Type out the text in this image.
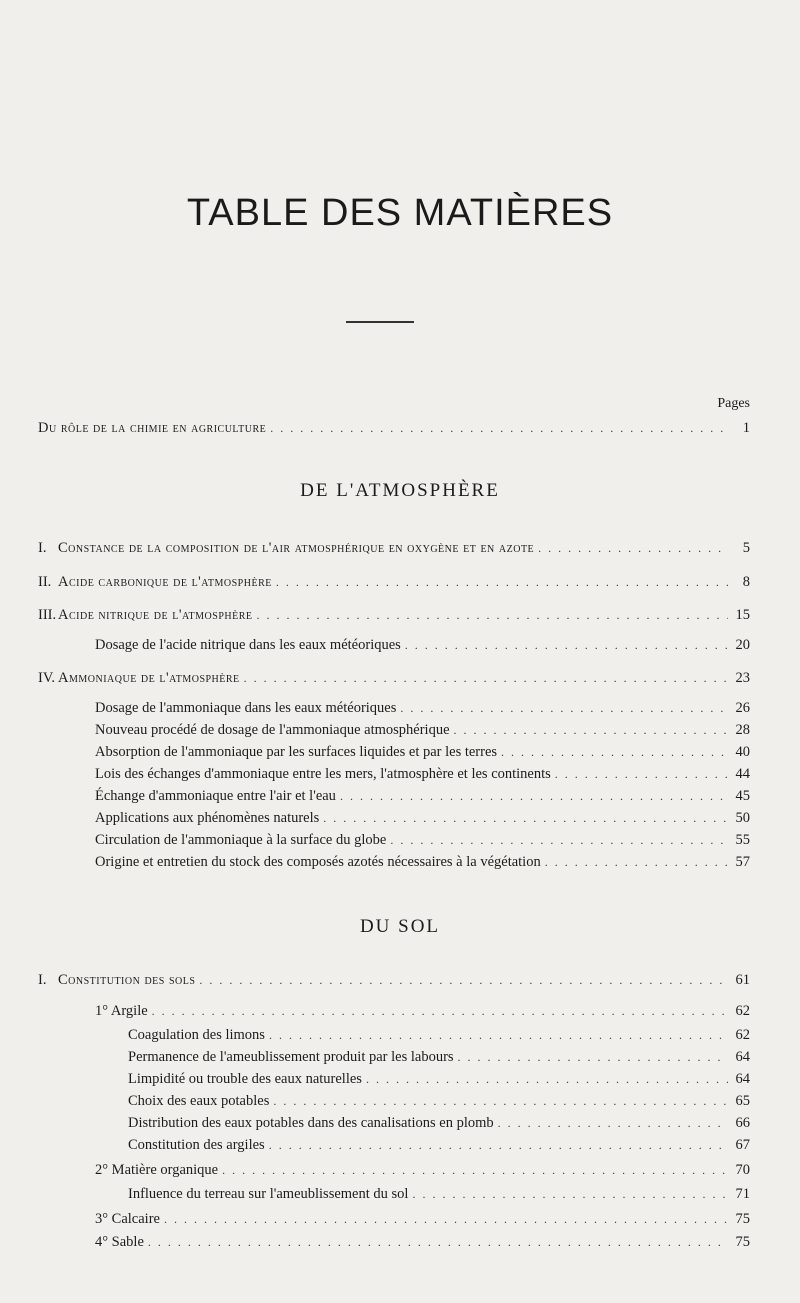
TABLE DES MATIÈRES
Pages
Du rôle de la chimie en agriculture . . .	1
DE L'ATMOSPHÈRE
I. Constance de la composition de l'air atmosphérique en oxygène et en azote . . .	5
II. Acide carbonique de l'atmosphère . . .	8
III. Acide nitrique de l'atmosphère . . .	15
Dosage de l'acide nitrique dans les eaux météoriques . . .	20
IV. Ammoniaque de l'atmosphère . . .	23
Dosage de l'ammoniaque dans les eaux météoriques . . .	26
Nouveau procédé de dosage de l'ammoniaque atmosphérique . . .	28
Absorption de l'ammoniaque par les surfaces liquides et par les terres . . .	40
Lois des échanges d'ammoniaque entre les mers, l'atmosphère et les continents . . .	44
Échange d'ammoniaque entre l'air et l'eau . . .	45
Applications aux phénomènes naturels . . .	50
Circulation de l'ammoniaque à la surface du globe . . .	55
Origine et entretien du stock des composés azotés nécessaires à la végétation . . .	57
DU SOL
I. Constitution des sols . . .	61
1° Argile . . .	62
Coagulation des limons . . .	62
Permanence de l'ameublissement produit par les labours . . .	64
Limpidité ou trouble des eaux naturelles . . .	64
Choix des eaux potables . . .	65
Distribution des eaux potables dans des canalisations en plomb . . .	66
Constitution des argiles . . .	67
2° Matière organique . . .	70
Influence du terreau sur l'ameublissement du sol . . .	71
3° Calcaire . . .	75
4° Sable . . .	75
